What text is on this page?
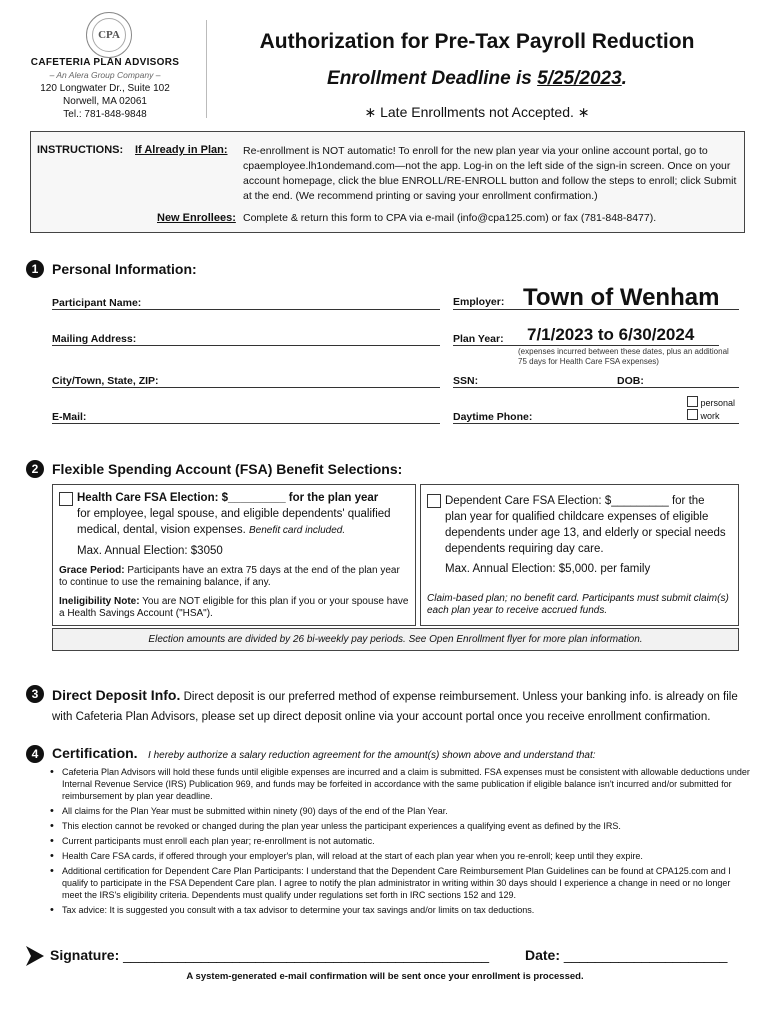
CPA
CAFETERIA PLAN ADVISORS
– An Alera Group Company –
120 Longwater Dr., Suite 102
Norwell, MA 02061
Tel.: 781-848-9848
Authorization for Pre-Tax Payroll Reduction
Enrollment Deadline is 5/25/2023.
∗ Late Enrollments not Accepted. ∗
INSTRUCTIONS: If Already in Plan: Re-enrollment is NOT automatic! To enroll for the new plan year via your online account portal, go to cpaemployee.lh1ondemand.com—not the app. Log-in on the left side of the sign-in screen. Once on your account homepage, click the blue ENROLL/RE-ENROLL button and follow the steps to enroll; click Submit at the end. (We recommend printing or saving your enrollment confirmation.)
New Enrollees: Complete & return this form to CPA via e-mail (info@cpa125.com) or fax (781-848-8477).
1 Personal Information:
Participant Name:	Employer: Town of Wenham
Mailing Address:	Plan Year: 7/1/2023 to 6/30/2024
(expenses incurred between these dates, plus an additional 75 days for Health Care FSA expenses)
City/Town, State, ZIP:	SSN:	DOB:
E-Mail:	Daytime Phone:
personal
work
2 Flexible Spending Account (FSA) Benefit Selections:
Health Care FSA Election: $_________ for the plan year
for employee, legal spouse, and eligible dependents' qualified medical, dental, vision expenses. Benefit card included.
Max. Annual Election: $3050
Grace Period: Participants have an extra 75 days at the end of the plan year to continue to use the remaining balance, if any.
Ineligibility Note: You are NOT eligible for this plan if you or your spouse have a Health Savings Account ("HSA").
Dependent Care FSA Election: $_________ for the
plan year for qualified childcare expenses of eligible dependents under age 13, and elderly or special needs dependents requiring day care.
Max. Annual Election: $5,000. per family
Claim-based plan; no benefit card. Participants must submit claim(s) each plan year to receive accrued funds.
Election amounts are divided by 26 bi-weekly pay periods. See Open Enrollment flyer for more plan information.
3 Direct Deposit Info. Direct deposit is our preferred method of expense reimbursement. Unless your banking info. is already on file with Cafeteria Plan Advisors, please set up direct deposit online via your account portal once you receive enrollment confirmation.
4 Certification. I hereby authorize a salary reduction agreement for the amount(s) shown above and understand that:
• Cafeteria Plan Advisors will hold these funds until eligible expenses are incurred and a claim is submitted. FSA expenses must be consistent with allowable deductions under Internal Revenue Service (IRS) Publication 969, and funds may be forfeited in accordance with the same publication if eligible balance isn't incurred and/or submitted for reimbursement by plan year deadline.
• All claims for the Plan Year must be submitted within ninety (90) days of the end of the Plan Year.
• This election cannot be revoked or changed during the plan year unless the participant experiences a qualifying event as defined by the IRS.
• Current participants must enroll each plan year; re-enrollment is not automatic.
• Health Care FSA cards, if offered through your employer's plan, will reload at the start of each plan year when you re-enroll; keep until they expire.
• Additional certification for Dependent Care Plan Participants: I understand that the Dependent Care Reimbursement Plan Guidelines can be found at CPA125.com and I qualify to participate in the FSA Dependent Care plan. I agree to notify the plan administrator in writing within 30 days should I experience a change in need or no longer meet the IRS's eligibility criteria. Dependents must qualify under regulations set forth in IRC sections 152 and 129.
• Tax advice: It is suggested you consult with a tax advisor to determine your tax savings and/or limits on tax deductions.
Signature: _______________________________________________	Date: _____________________
A system-generated e-mail confirmation will be sent once your enrollment is processed.
